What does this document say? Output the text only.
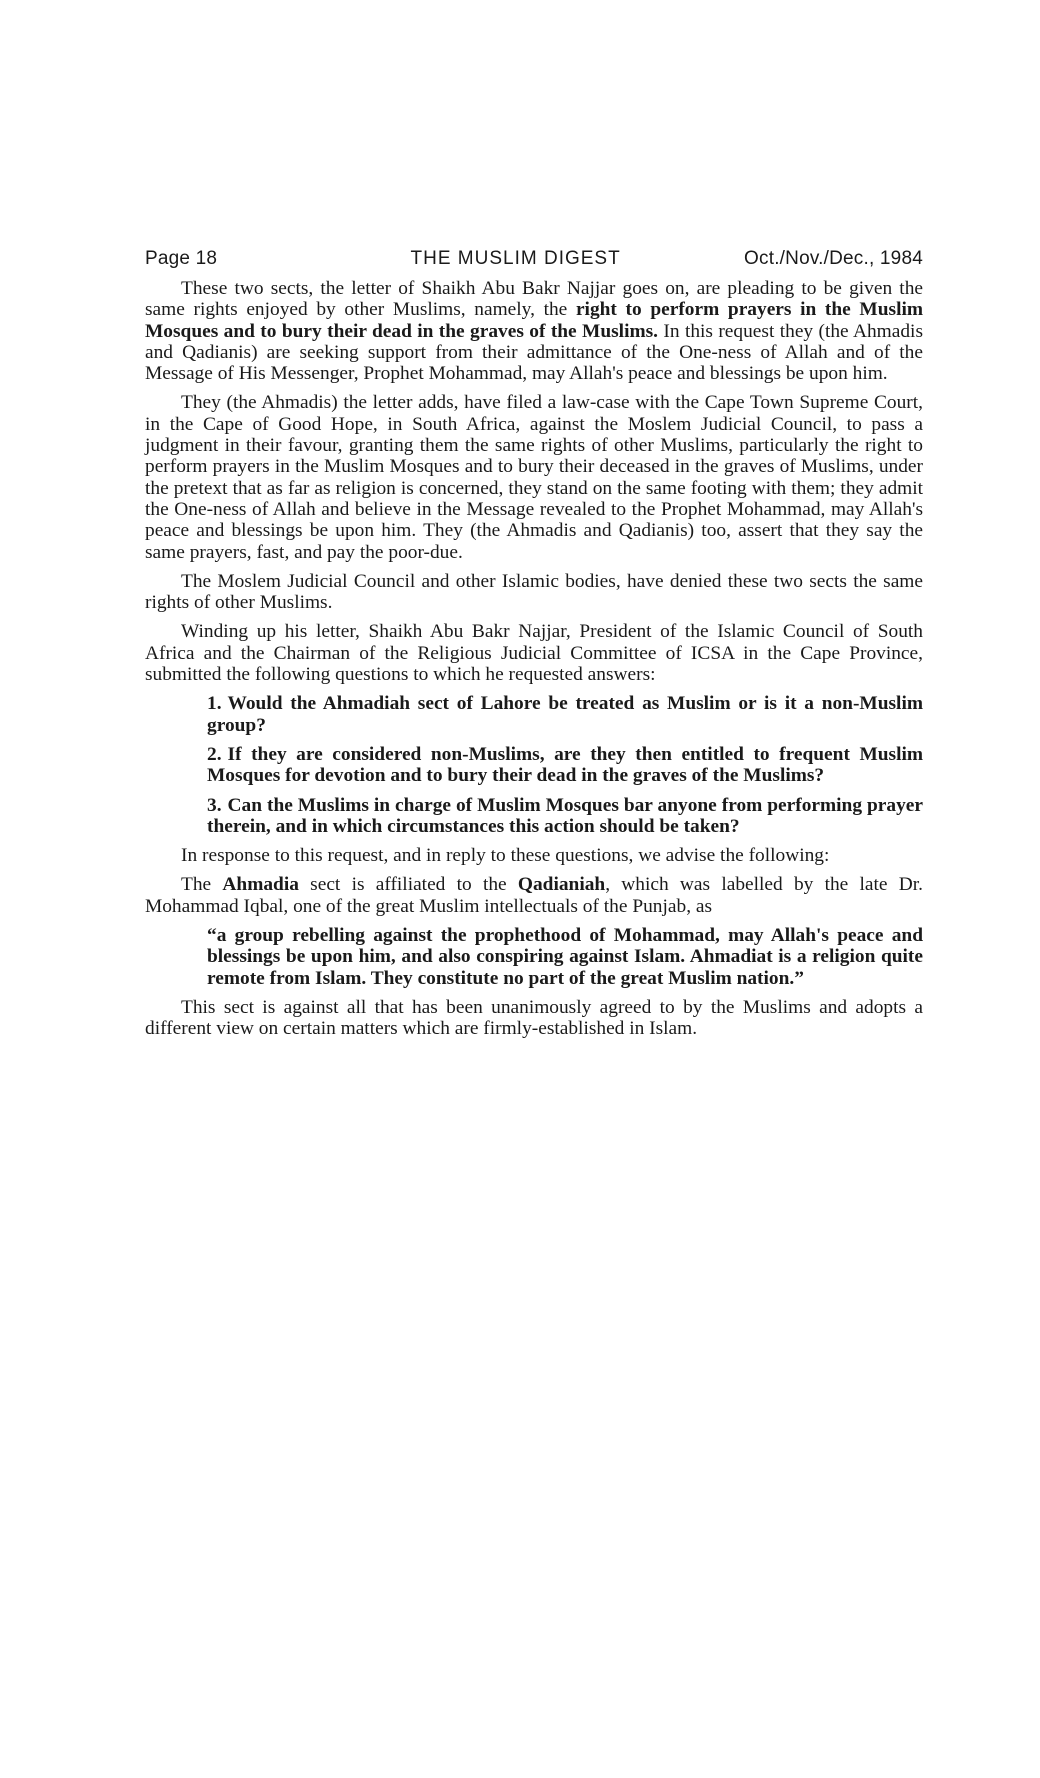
Page 18	THE MUSLIM DIGEST	Oct./Nov./Dec., 1984

These two sects, the letter of Shaikh Abu Bakr Najjar goes on, are pleading to be given the same rights enjoyed by other Muslims, namely, the right to perform prayers in the Muslim Mosques and to bury their dead in the graves of the Muslims. In this request they (the Ahmadis and Qadianis) are seeking support from their admittance of the One-ness of Allah and of the Message of His Messenger, Prophet Mohammad, may Allah's peace and blessings be upon him.

They (the Ahmadis) the letter adds, have filed a law-case with the Cape Town Supreme Court, in the Cape of Good Hope, in South Africa, against the Moslem Judicial Council, to pass a judgment in their favour, granting them the same rights of other Muslims, particularly the right to perform prayers in the Muslim Mosques and to bury their deceased in the graves of Muslims, under the pretext that as far as religion is concerned, they stand on the same footing with them; they admit the One-ness of Allah and believe in the Message revealed to the Prophet Mohammad, may Allah's peace and blessings be upon him. They (the Ahmadis and Qadianis) too, assert that they say the same prayers, fast, and pay the poor-due.

The Moslem Judicial Council and other Islamic bodies, have denied these two sects the same rights of other Muslims.

Winding up his letter, Shaikh Abu Bakr Najjar, President of the Islamic Council of South Africa and the Chairman of the Religious Judicial Committee of ICSA in the Cape Province, submitted the following questions to which he requested answers:

1. Would the Ahmadiah sect of Lahore be treated as Muslim or is it a non-Muslim group?
2. If they are considered non-Muslims, are they then entitled to frequent Muslim Mosques for devotion and to bury their dead in the graves of the Muslims?
3. Can the Muslims in charge of Muslim Mosques bar anyone from performing prayer therein, and in which circumstances this action should be taken?

In response to this request, and in reply to these questions, we advise the following:

The Ahmadia sect is affiliated to the Qadianiah, which was labelled by the late Dr. Mohammad Iqbal, one of the great Muslim intellectuals of the Punjab, as

“a group rebelling against the prophethood of Mohammad, may Allah's peace and blessings be upon him, and also conspiring against Islam. Ahmadiat is a religion quite remote from Islam. They constitute no part of the great Muslim nation.”

This sect is against all that has been unanimously agreed to by the Muslims and adopts a different view on certain matters which are firmly-established in Islam.
